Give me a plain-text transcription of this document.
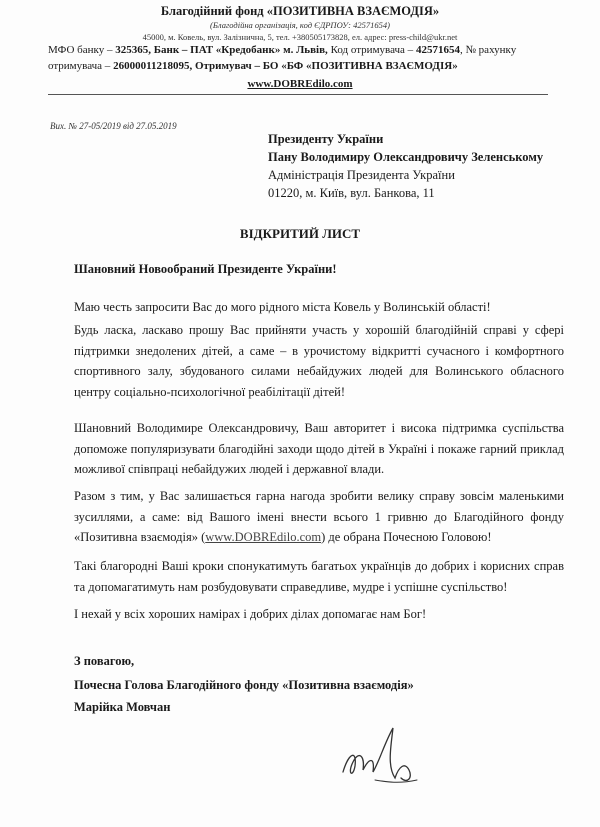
Благодійний фонд «ПОЗИТИВНА ВЗАЄМОДІЯ»
(Благодійна організація, код ЄДРПОУ: 42571654)
45000, м. Ковель, вул. Залізнична, 5, тел. +380505173828, ел. адрес: press-child@ukr.net
МФО банку – 325365, Банк – ПАТ «Кредобанк» м. Львів, Код отримувача – 42571654, № рахунку
отримувача – 26000011218095, Отримувач – БО «БФ «ПОЗИТИВНА ВЗАЄМОДІЯ»
www.DOBREdilo.com
Вих. № 27-05/2019 від 27.05.2019
Президенту України
Пану Володимиру Олександровичу Зеленському
Адміністрація Президента України
01220, м. Київ, вул. Банкова, 11
ВІДКРИТИЙ ЛИСТ
Шановний Новообраний Президенте України!
Маю честь запросити Вас до мого рідного міста Ковель у Волинській області!
Будь ласка, ласкаво прошу Вас прийняти участь у хорошій благодійній справі у сфері підтримки знедолених дітей, а саме – в урочистому відкритті сучасного і комфортного спортивного залу, збудованого силами небайдужих людей для Волинського обласного центру соціально-психологічної реабілітації дітей!
Шановний Володимире Олександровичу, Ваш авторитет і висока підтримка суспільства допоможе популяризувати благодійні заходи щодо дітей в Україні і покаже гарний приклад можливої співпраці небайдужих людей і державної влади.
Разом з тим, у Вас залишається гарна нагода зробити велику справу зовсім маленькими зусиллями, а саме: від Вашого імені внести всього 1 гривню до Благодійного фонду «Позитивна взаємодія» (www.DOBREdilo.com) де обрана Почесною Головою!
Такі благородні Ваші кроки спонукатимуть багатьох українців до добрих і корисних справ та допомагатимуть нам розбудовувати справедливе, мудре і успішне суспільство!
І нехай у всіх хороших намірах і добрих ділах допомагає нам Бог!
З повагою,
Почесна Голова Благодійного фонду «Позитивна взаємодія»
Марійка Мовчан
